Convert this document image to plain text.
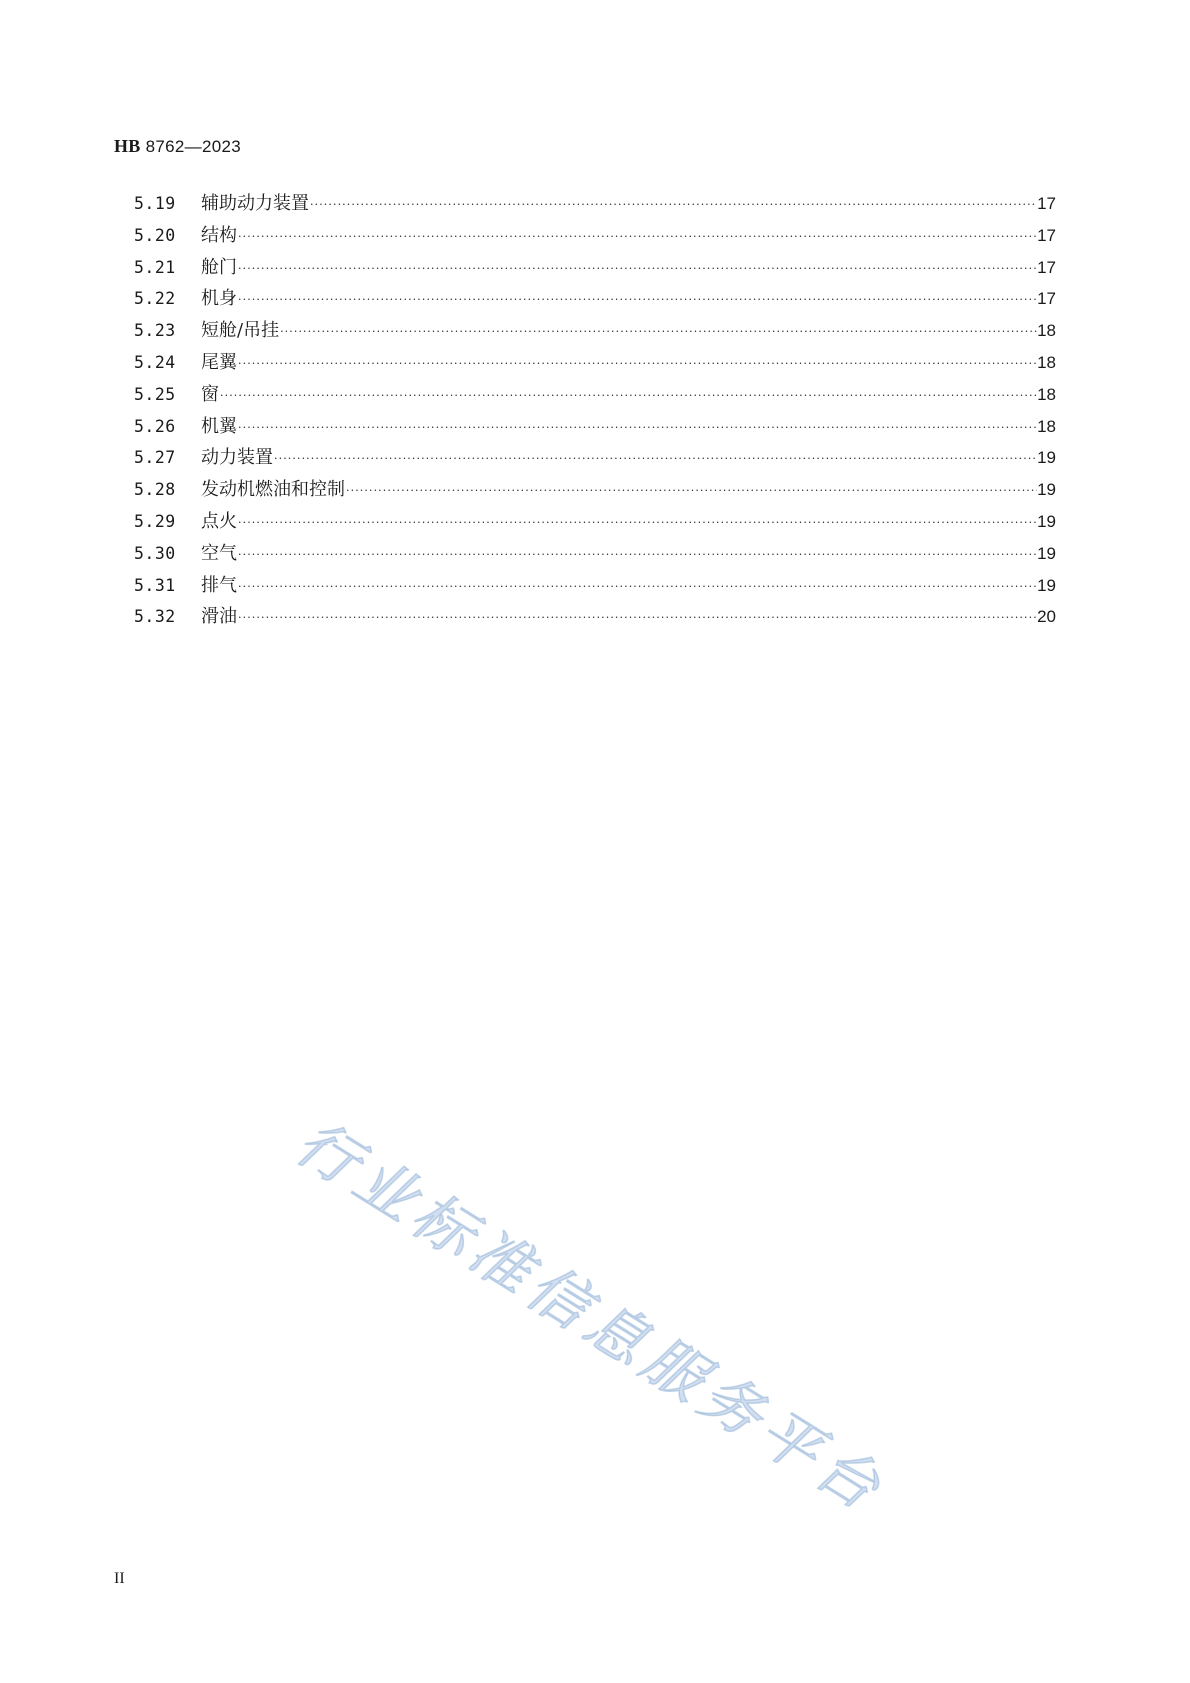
HB 8762—2023
5.19	辅助动力装置 ·····	17
5.20	结构 ·····	17
5.21	舱门 ·····	17
5.22	机身 ·····	17
5.23	短舱/吊挂 ·····	18
5.24	尾翼 ·····	18
5.25	窗 ·····	18
5.26	机翼 ·····	18
5.27	动力装置 ·····	19
5.28	发动机燃油和控制 ·····	19
5.29	点火 ·····	19
5.30	空气 ·····	19
5.31	排气 ·····	19
5.32	滑油 ·····	20
行业标准信息服务平台
II
